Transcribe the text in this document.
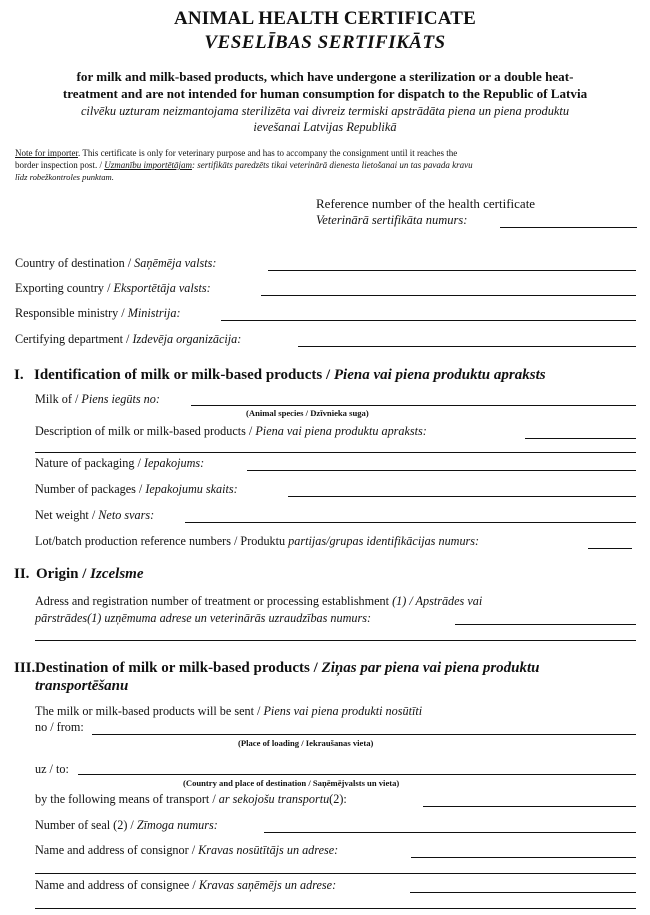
ANIMAL HEALTH CERTIFICATE
VESELĪBAS SERTIFIKĀTS
for milk and milk-based products, which have undergone a sterilization or a double heat-
treatment and are not intended for human consumption for dispatch to the Republic of Latvia
cilvēku uzturam neizmantojama sterilizēta vai divreiz termiski apstrādāta piena un piena produktu
ievešanai Latvijas Republikā
Note for importer. This certificate is only for veterinary purpose and has to accompany the consignment until it reaches the
border inspection post. / Uzmanību importētājam: sertifikāts paredzēts tikai veterinārā dienesta lietošanai un tas pavada kravu
līdz robežkontroles punktam.
Reference number of the health certificate
Veterinārā sertifikāta numurs:
Country of destination / Saņēmēja valsts:
Exporting country / Eksportētāja valsts:
Responsible ministry / Ministrija:
Certifying department / Izdevēja organizācija:
I. Identification of milk or milk-based products / Piena vai piena produktu apraksts
Milk of / Piens iegūts no:
(Animal species / Dzīvnieka suga)
Description of milk or milk-based products / Piena vai piena produktu apraksts:
Nature of packaging / Iepakojums:
Number of packages / Iepakojumu skaits:
Net weight / Neto svars:
Lot/batch production reference numbers / Produktu partijas/grupas identifikācijas numurs:
II. Origin / Izcelsme
Adress and registration number of treatment or processing establishment (1) / Apstrādes vai
pārstrādes(1) uzņēmuma adrese un veterinārās uzraudzības numurs:
III.Destination of milk or milk-based products / Ziņas par piena vai piena produktu
transportēšanu
The milk or milk-based products will be sent / Piens vai piena produkti nosūtīti
no / from:
(Place of loading / Iekraušanas vieta)
uz / to:
(Country and place of destination / Saņēmējvalsts un vieta)
by the following means of transport / ar sekojošu transportu(2):
Number of seal (2) / Zīmoga numurs:
Name and address of consignor / Kravas nosūtītājs un adrese:
Name and address of consignee / Kravas saņēmējs un adrese:
